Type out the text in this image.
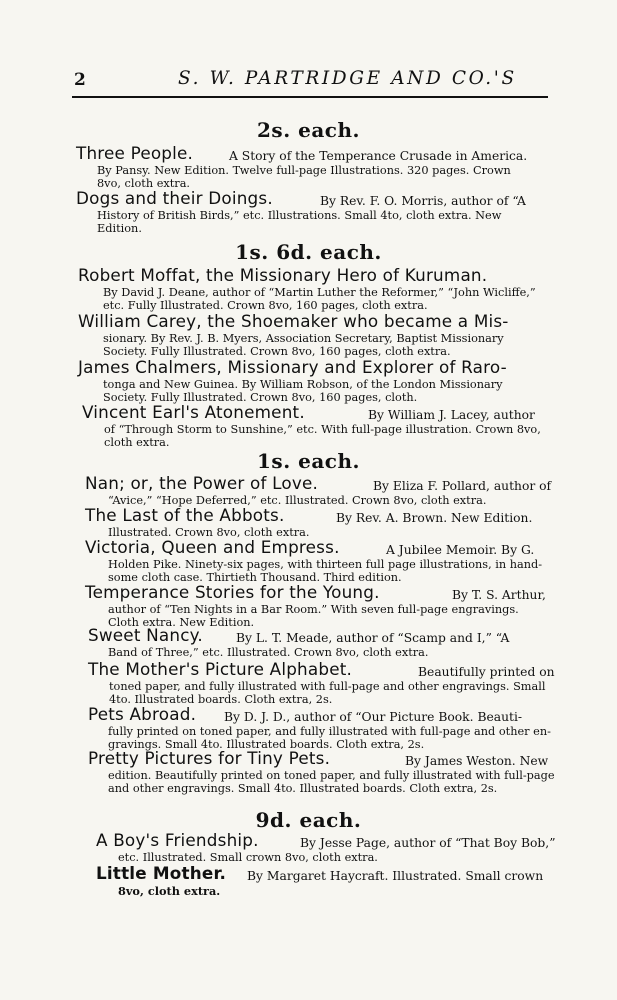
2	S. W. PARTRIDGE AND CO.'S
2s. each.
Three People.	A Story of the Temperance Crusade in America.
By Pansy. New Edition. Twelve full-page Illustrations. 320 pages. Crown
8vo, cloth extra.
Dogs and their Doings.	By Rev. F. O. Morris, author of “A
History of British Birds,” etc. Illustrations. Small 4to, cloth extra. New
Edition.
1s. 6d. each.
Robert Moffat, the Missionary Hero of Kuruman.
By David J. Deane, author of “Martin Luther the Reformer,” “John Wicliffe,”
etc. Fully Illustrated. Crown 8vo, 160 pages, cloth extra.
William Carey, the Shoemaker who became a Mis-
sionary. By Rev. J. B. Myers, Association Secretary, Baptist Missionary
Society. Fully Illustrated. Crown 8vo, 160 pages, cloth extra.
James Chalmers, Missionary and Explorer of Raro-
tonga and New Guinea. By William Robson, of the London Missionary
Society. Fully Illustrated. Crown 8vo, 160 pages, cloth.
Vincent Earl's Atonement.	By William J. Lacey, author
of “Through Storm to Sunshine,” etc. With full-page illustration. Crown 8vo,
cloth extra.
1s. each.
Nan; or, the Power of Love.	By Eliza F. Pollard, author of
“Avice,” “Hope Deferred,” etc. Illustrated. Crown 8vo, cloth extra.
The Last of the Abbots.	By Rev. A. Brown. New Edition.
Illustrated. Crown 8vo, cloth extra.
Victoria, Queen and Empress.	A Jubilee Memoir. By G.
Holden Pike. Ninety-six pages, with thirteen full page illustrations, in hand-
some cloth case. Thirtieth Thousand. Third edition.
Temperance Stories for the Young.	By T. S. Arthur,
author of “Ten Nights in a Bar Room.” With seven full-page engravings.
Cloth extra. New Edition.
Sweet Nancy.	By L. T. Meade, author of “Scamp and I,” “A
Band of Three,” etc. Illustrated. Crown 8vo, cloth extra.
The Mother's Picture Alphabet.	Beautifully printed on
toned paper, and fully illustrated with full-page and other engravings. Small
4to. Illustrated boards. Cloth extra, 2s.
Pets Abroad. By D. J. D., author of “Our Picture Book. Beauti-
fully printed on toned paper, and fully illustrated with full-page and other en-
gravings. Small 4to. Illustrated boards. Cloth extra, 2s.
Pretty Pictures for Tiny Pets.	By James Weston. New
edition. Beautifully printed on toned paper, and fully illustrated with full-page
and other engravings. Small 4to. Illustrated boards. Cloth extra, 2s.
9d. each.
A Boy's Friendship.	By Jesse Page, author of “That Boy Bob,”
etc. Illustrated. Small crown 8vo, cloth extra.
Little Mother. By Margaret Haycraft. Illustrated. Small crown
8vo, cloth extra.
